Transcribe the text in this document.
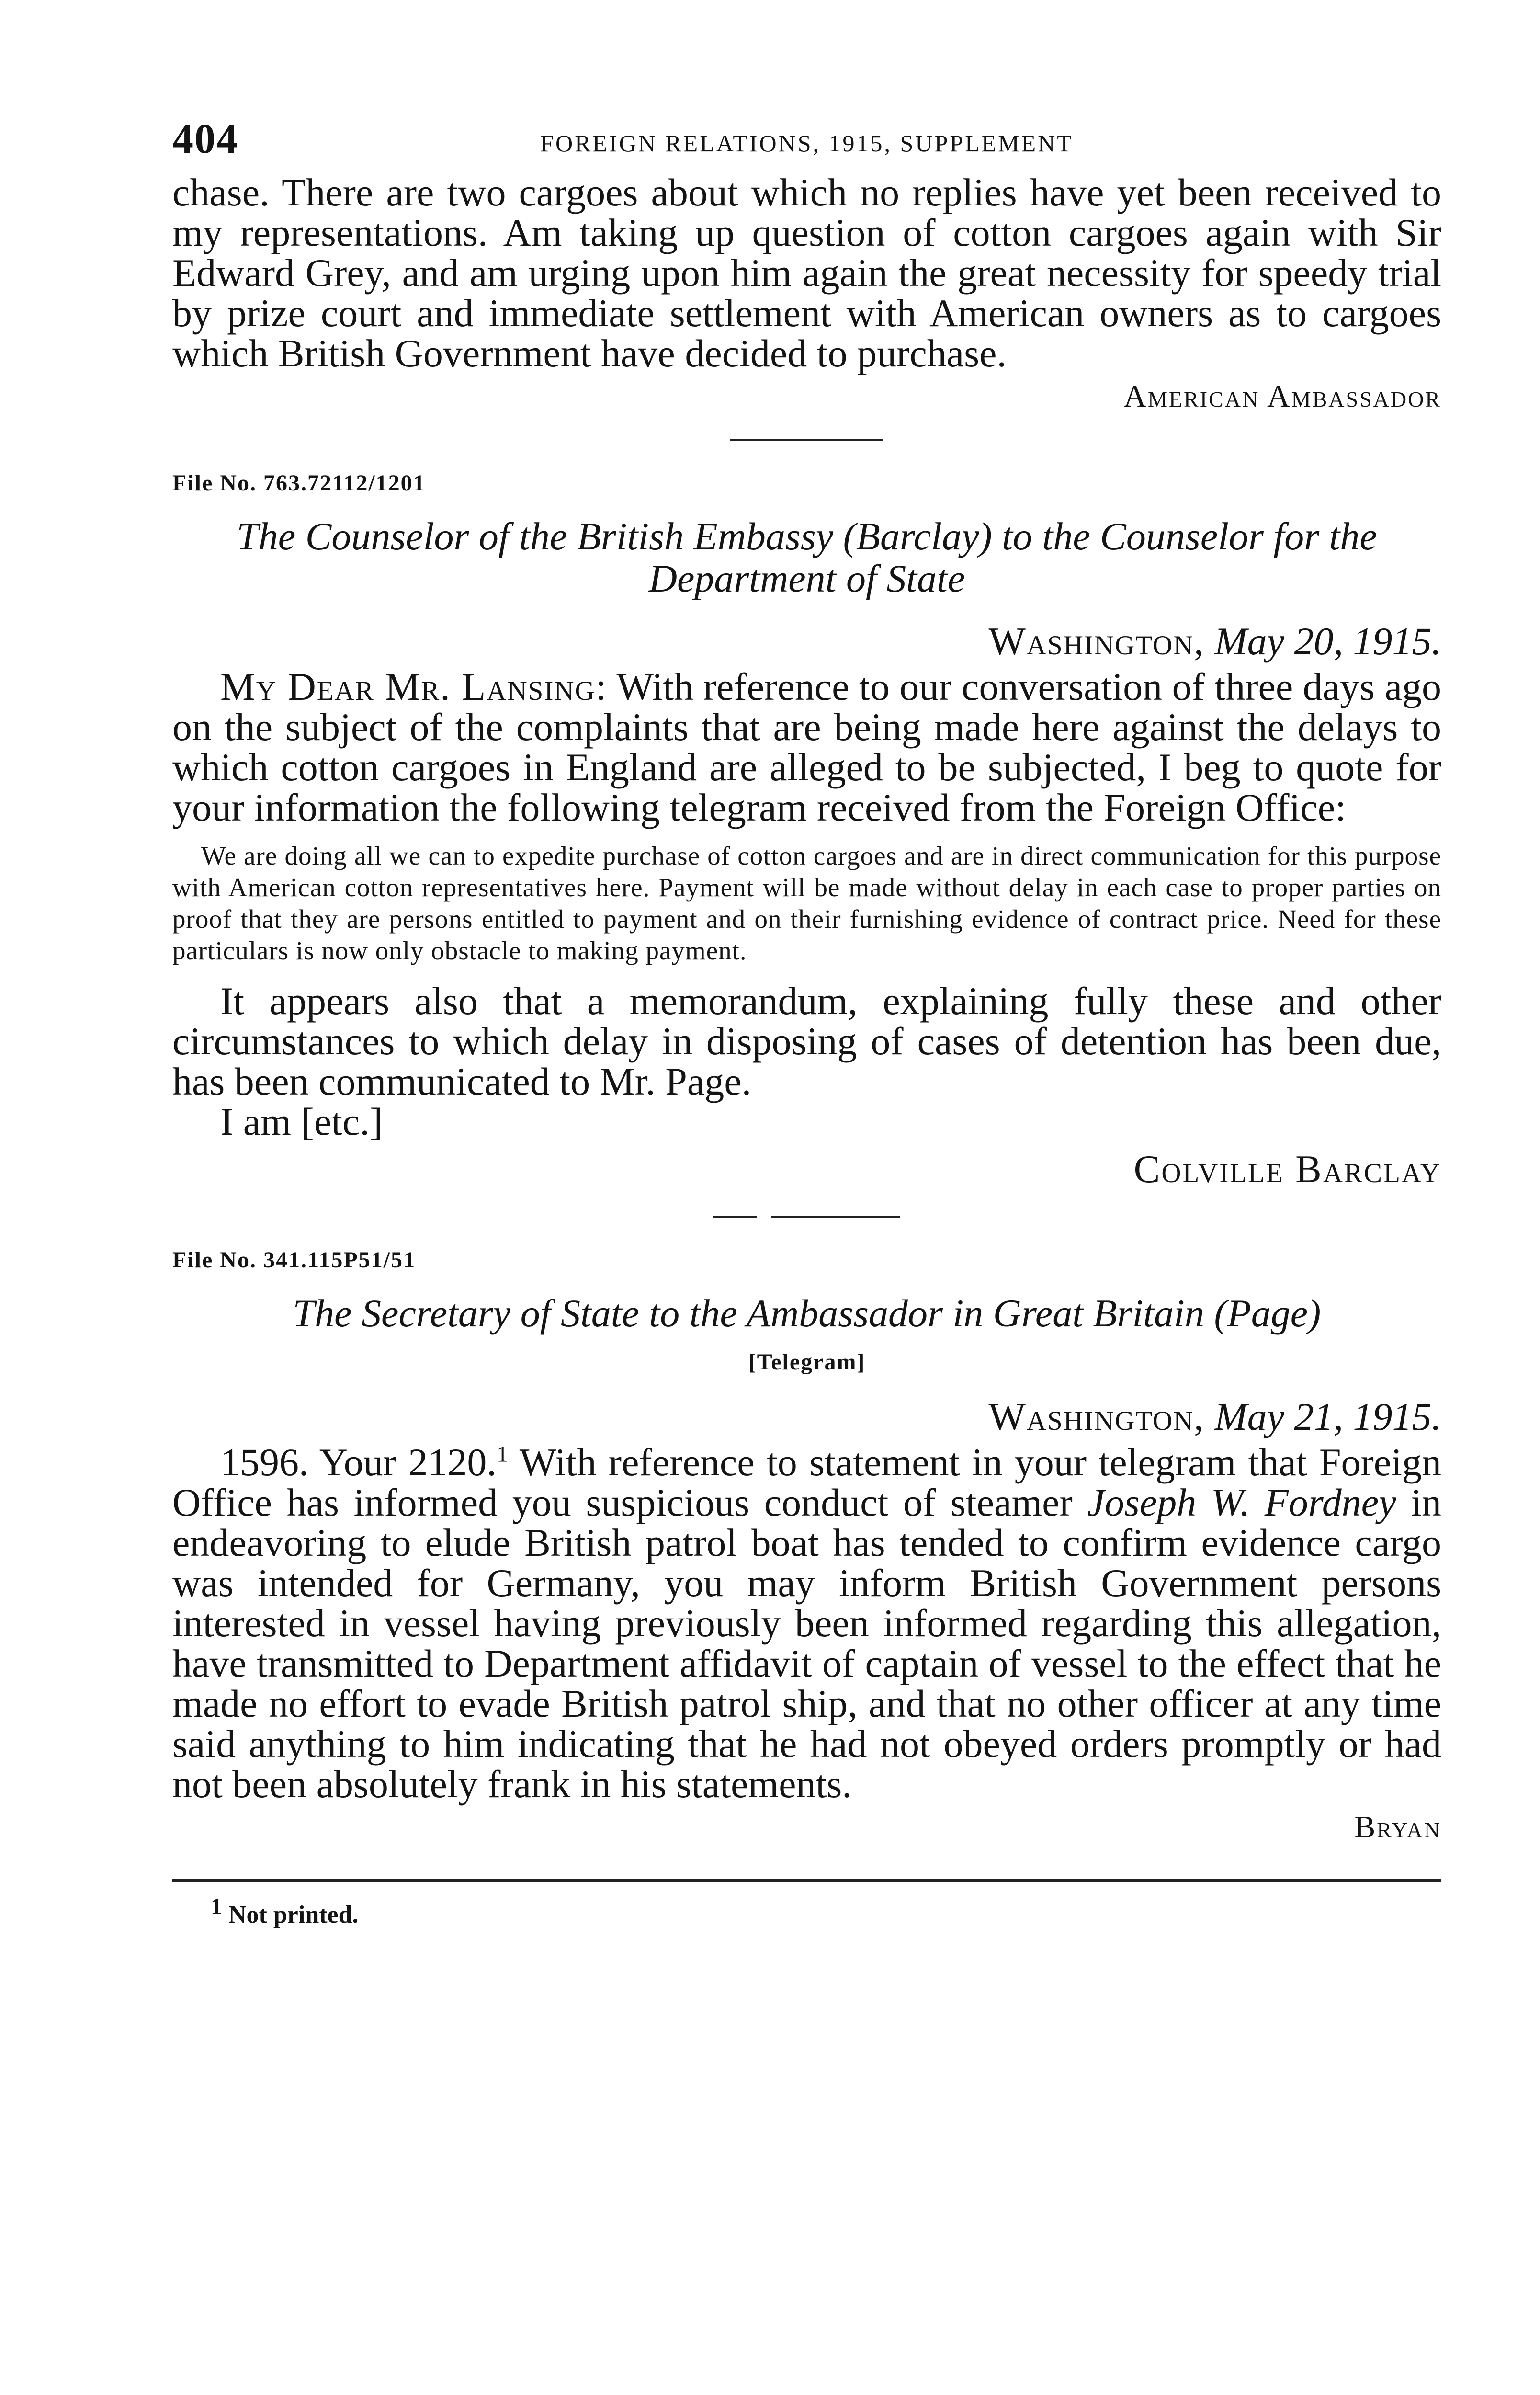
404	FOREIGN RELATIONS, 1915, SUPPLEMENT

chase. There are two cargoes about which no replies have yet been received to my representations. Am taking up question of cotton cargoes again with Sir Edward Grey, and am urging upon him again the great necessity for speedy trial by prize court and immediate settlement with American owners as to cargoes which British Government have decided to purchase.

American Ambassador
File No. 763.72112/1201

The Counselor of the British Embassy (Barclay) to the Counselor for the Department of State

Washington, May 20, 1915.

My Dear Mr. Lansing: With reference to our conversation of three days ago on the subject of the complaints that are being made here against the delays to which cotton cargoes in England are alleged to be subjected, I beg to quote for your information the following telegram received from the Foreign Office:

We are doing all we can to expedite purchase of cotton cargoes and are in direct communication for this purpose with American cotton representatives here. Payment will be made without delay in each case to proper parties on proof that they are persons entitled to payment and on their furnishing evidence of contract price. Need for these particulars is now only obstacle to making payment.

It appears also that a memorandum, explaining fully these and other circumstances to which delay in disposing of cases of detention has been due, has been communicated to Mr. Page.

I am [etc.]

Colville Barclay
File No. 341.115P51/51

The Secretary of State to the Ambassador in Great Britain (Page)

[Telegram]
Washington, May 21, 1915.

1596. Your 2120.$^1$ With reference to statement in your telegram that Foreign Office has informed you suspicious conduct of steamer Joseph W. Fordney in endeavoring to elude British patrol boat has tended to confirm evidence cargo was intended for Germany, you may inform British Government persons interested in vessel having previously been informed regarding this allegation, have transmitted to Department affidavit of captain of vessel to the effect that he made no effort to evade British patrol ship, and that no other officer at any time said anything to him indicating that he had not obeyed orders promptly or had not been absolutely frank in his statements.

Bryan
1 Not printed.
